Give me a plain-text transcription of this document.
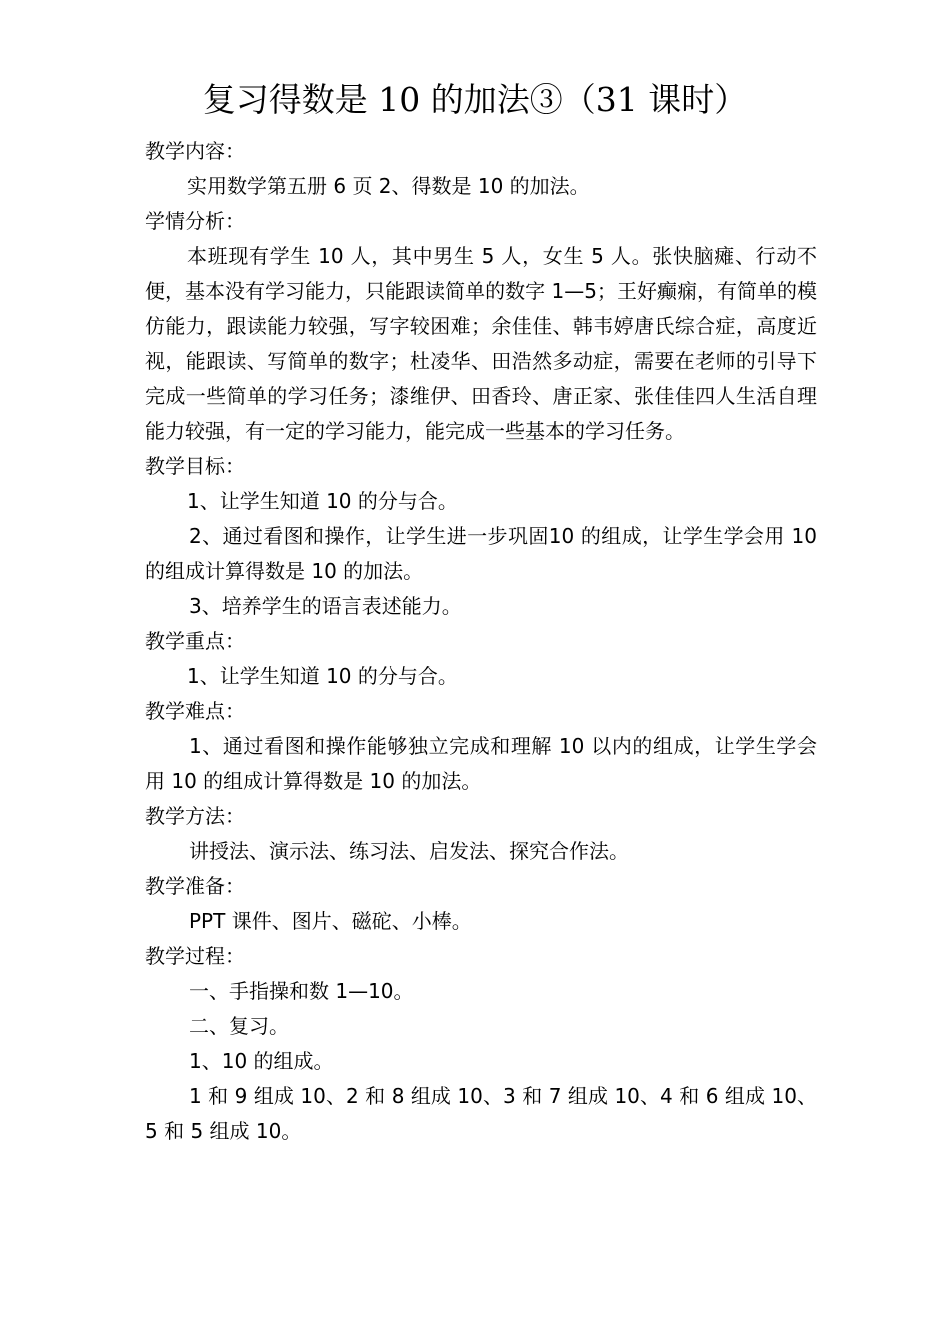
复习得数是 10 的加法③（31 课时）

教学内容：

实用数学第五册 6 页 2、得数是 10 的加法。

学情分析：

本班现有学生 10 人，其中男生 5 人，女生 5 人。张快脑瘫、行动不便，基本没有学习能力，只能跟读简单的数字 1—5；王好癫痫，有简单的模仿能力，跟读能力较强，写字较困难；余佳佳、韩韦婷唐氏综合症，高度近视，能跟读、写简单的数字；杜凌华、田浩然多动症，需要在老师的引导下完成一些简单的学习任务；漆维伊、田香玲、唐正家、张佳佳四人生活自理能力较强，有一定的学习能力，能完成一些基本的学习任务。

教学目标：

1、让学生知道 10 的分与合。

2、通过看图和操作，让学生进一步巩固10 的组成，让学生学会用 10 的组成计算得数是 10 的加法。

3、培养学生的语言表述能力。

教学重点：

1、让学生知道 10 的分与合。

教学难点：

1、通过看图和操作能够独立完成和理解 10 以内的组成，让学生学会用 10 的组成计算得数是 10 的加法。

教学方法：

讲授法、演示法、练习法、启发法、探究合作法。

教学准备：

PPT 课件、图片、磁砣、小棒。

教学过程：

一、手指操和数 1—10。

二、复习。

1、10 的组成。

1 和 9 组成 10、2 和 8 组成 10、3 和 7 组成 10、4 和 6 组成 10、5 和 5 组成 10。
